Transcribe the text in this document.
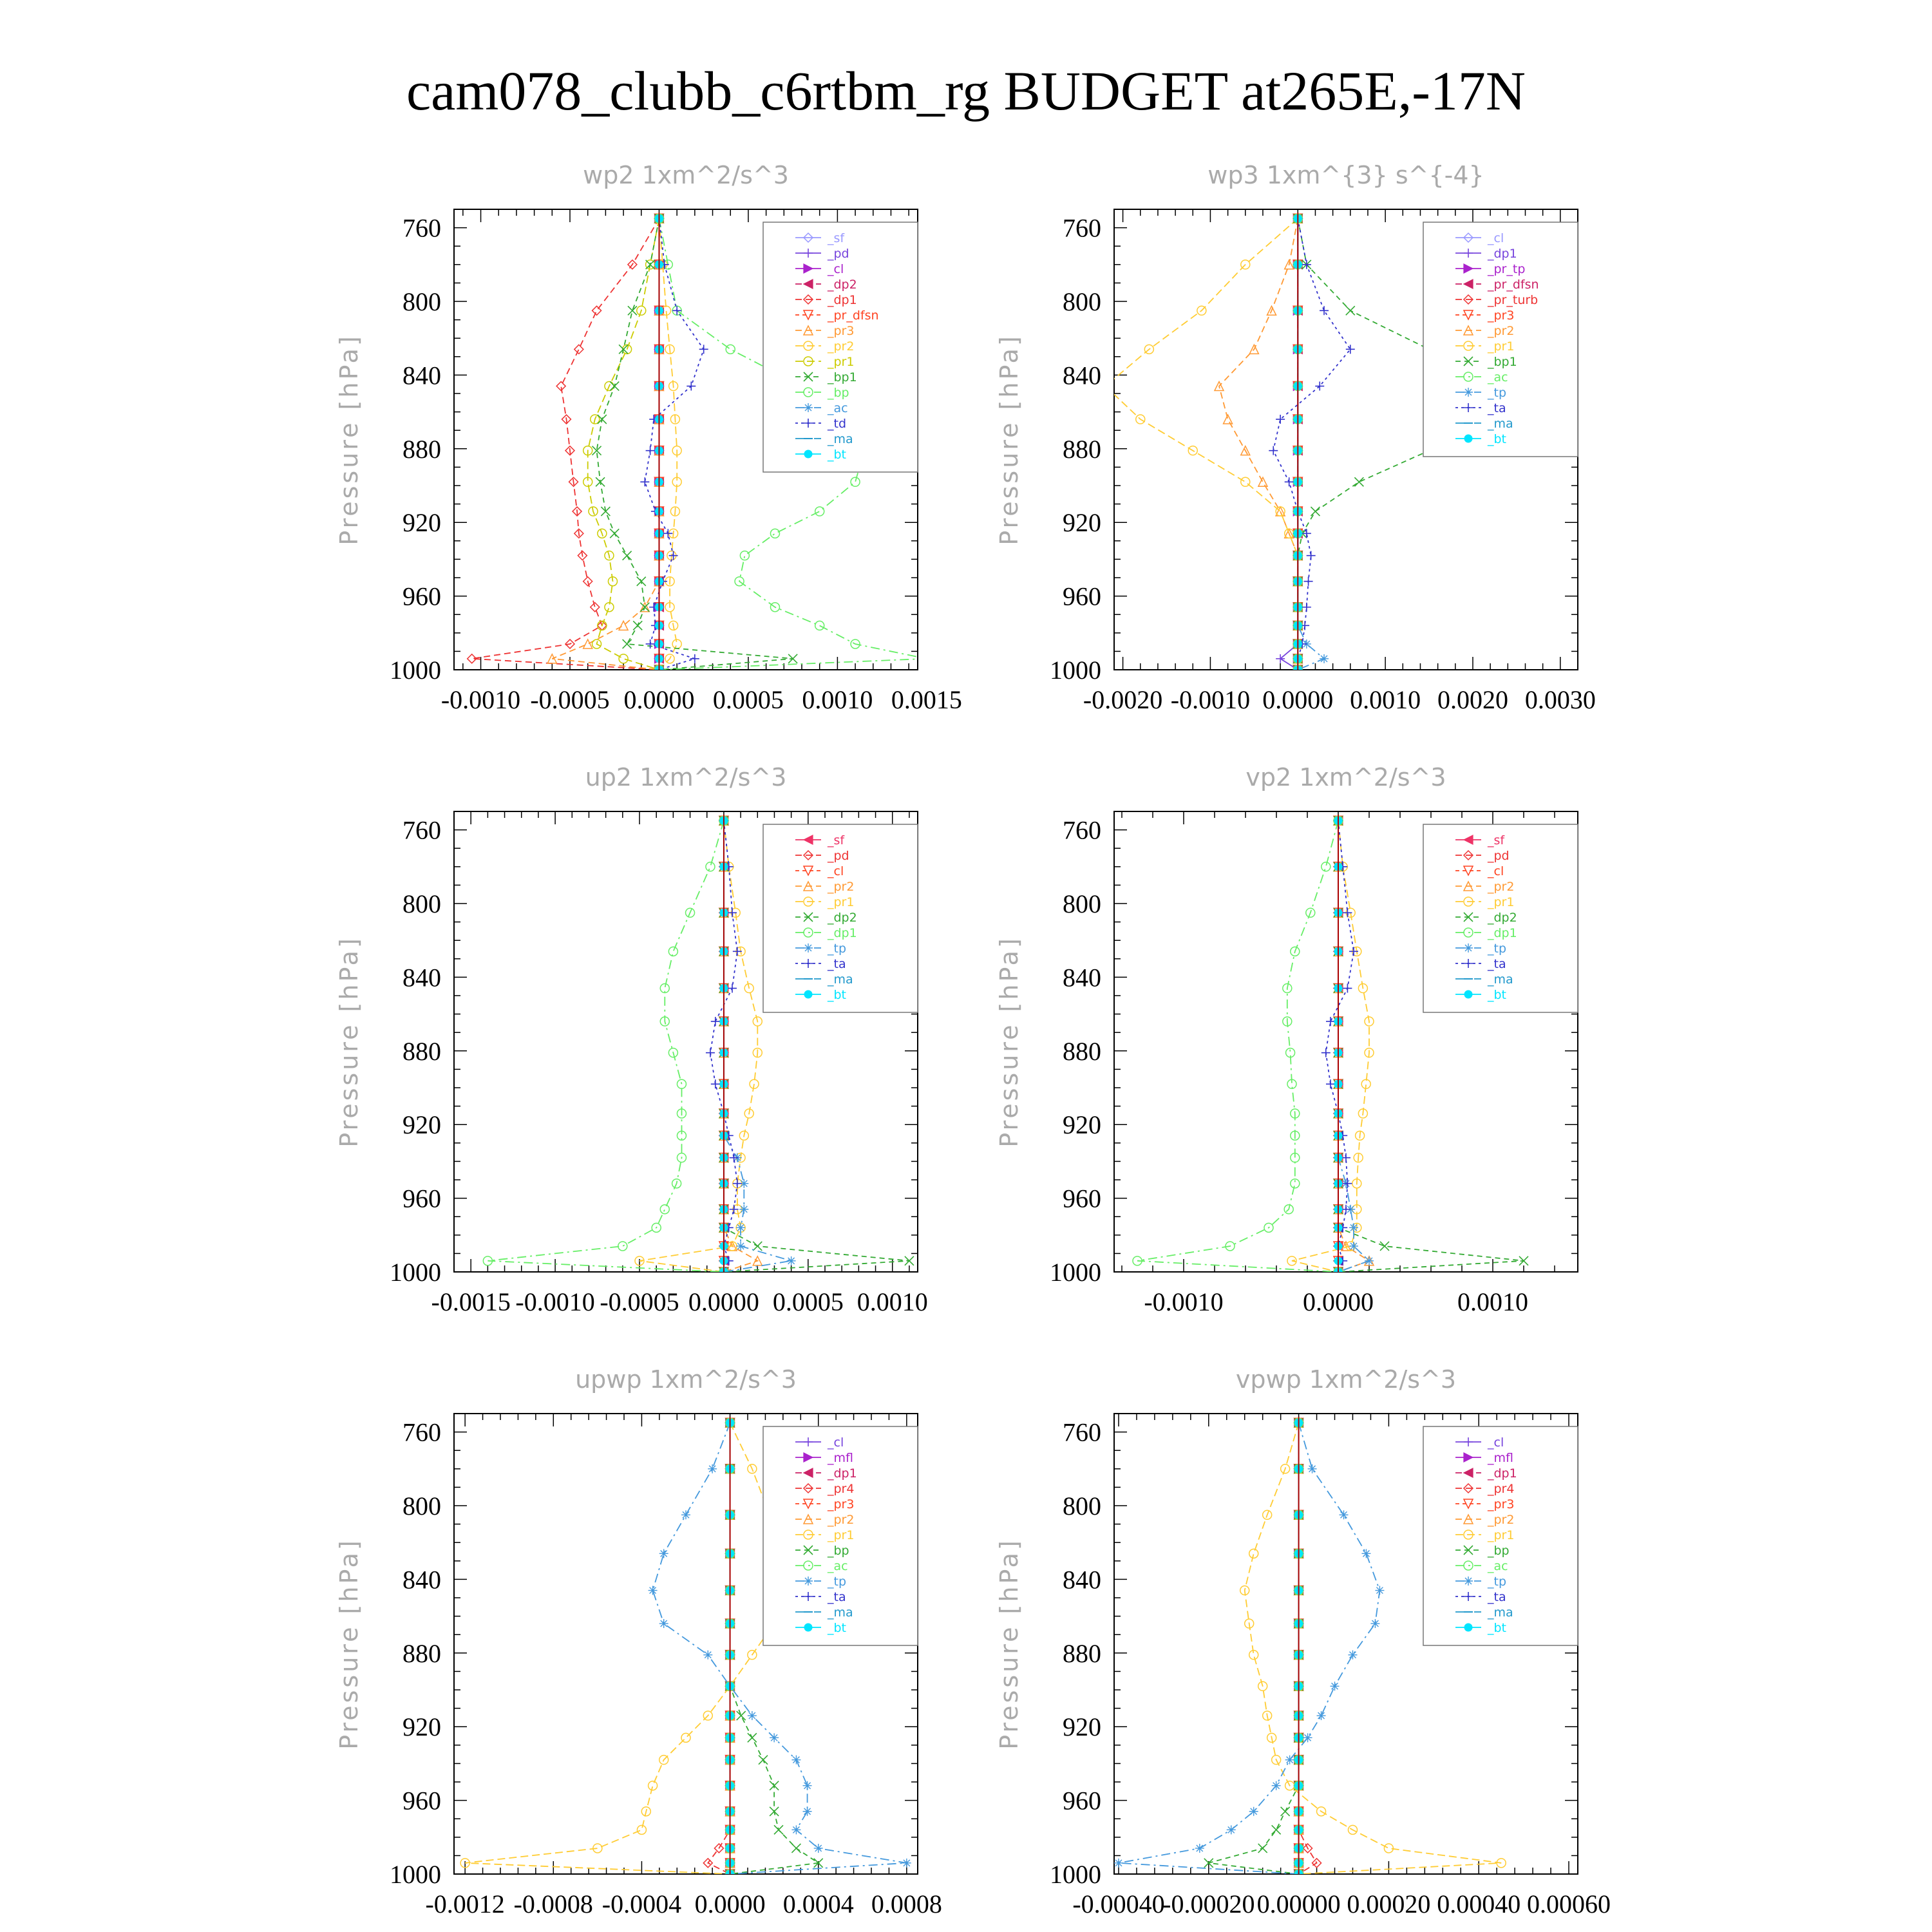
cam078_clubb_c6rtbm_rg BUDGET at265E,-17N
wp2 1xm^2/s^3
Pressure [hPa]
760
800
840
880
920
960
1000
-0.0010 -0.0005 0.0000 0.0005 0.0010 0.0015
_sf
_pd
_cl
_dp2
_dp1
_pr_dfsn
_pr3
_pr2
_pr1
_bp1
_bp
_ac
_td
_ma
_bt
wp3 1xm^{3} s^{-4}
Pressure [hPa]
760
800
840
880
920
960
1000
-0.0020 -0.0010 0.0000 0.0010 0.0020 0.0030
_cl
_dp1
_pr_tp
_pr_dfsn
_pr_turb
_pr3
_pr2
_pr1
_bp1
_ac
_tp
_ta
_ma
_bt
up2 1xm^2/s^3
Pressure [hPa]
760
800
840
880
920
960
1000
-0.0015 -0.0010 -0.0005 0.0000 0.0005 0.0010
_sf
_pd
_cl
_pr2
_pr1
_dp2
_dp1
_tp
_ta
_ma
_bt
vp2 1xm^2/s^3
Pressure [hPa]
760
800
840
880
920
960
1000
-0.0010	0.0000	0.0010
_sf
_pd
_cl
_pr2
_pr1
_dp2
_dp1
_tp
_ta
_ma
_bt
upwp 1xm^2/s^3
Pressure [hPa]
760
800
840
880
920
960
1000
-0.0012 -0.0008 -0.0004 0.0000 0.0004 0.0008
_cl
_mfl
_dp1
_pr4
_pr3
_pr2
_pr1
_bp
_ac
_tp
_ta
_ma
_bt
vpwp 1xm^2/s^3
Pressure [hPa]
760
800
840
880
920
960
1000
-0.00040
-0.00020 0.00000 0.00020 0.00040 0.00060
_cl
_mfl
_dp1
_pr4
_pr3
_pr2
_pr1
_bp
_ac
_tp
_ta
_ma
_bt
